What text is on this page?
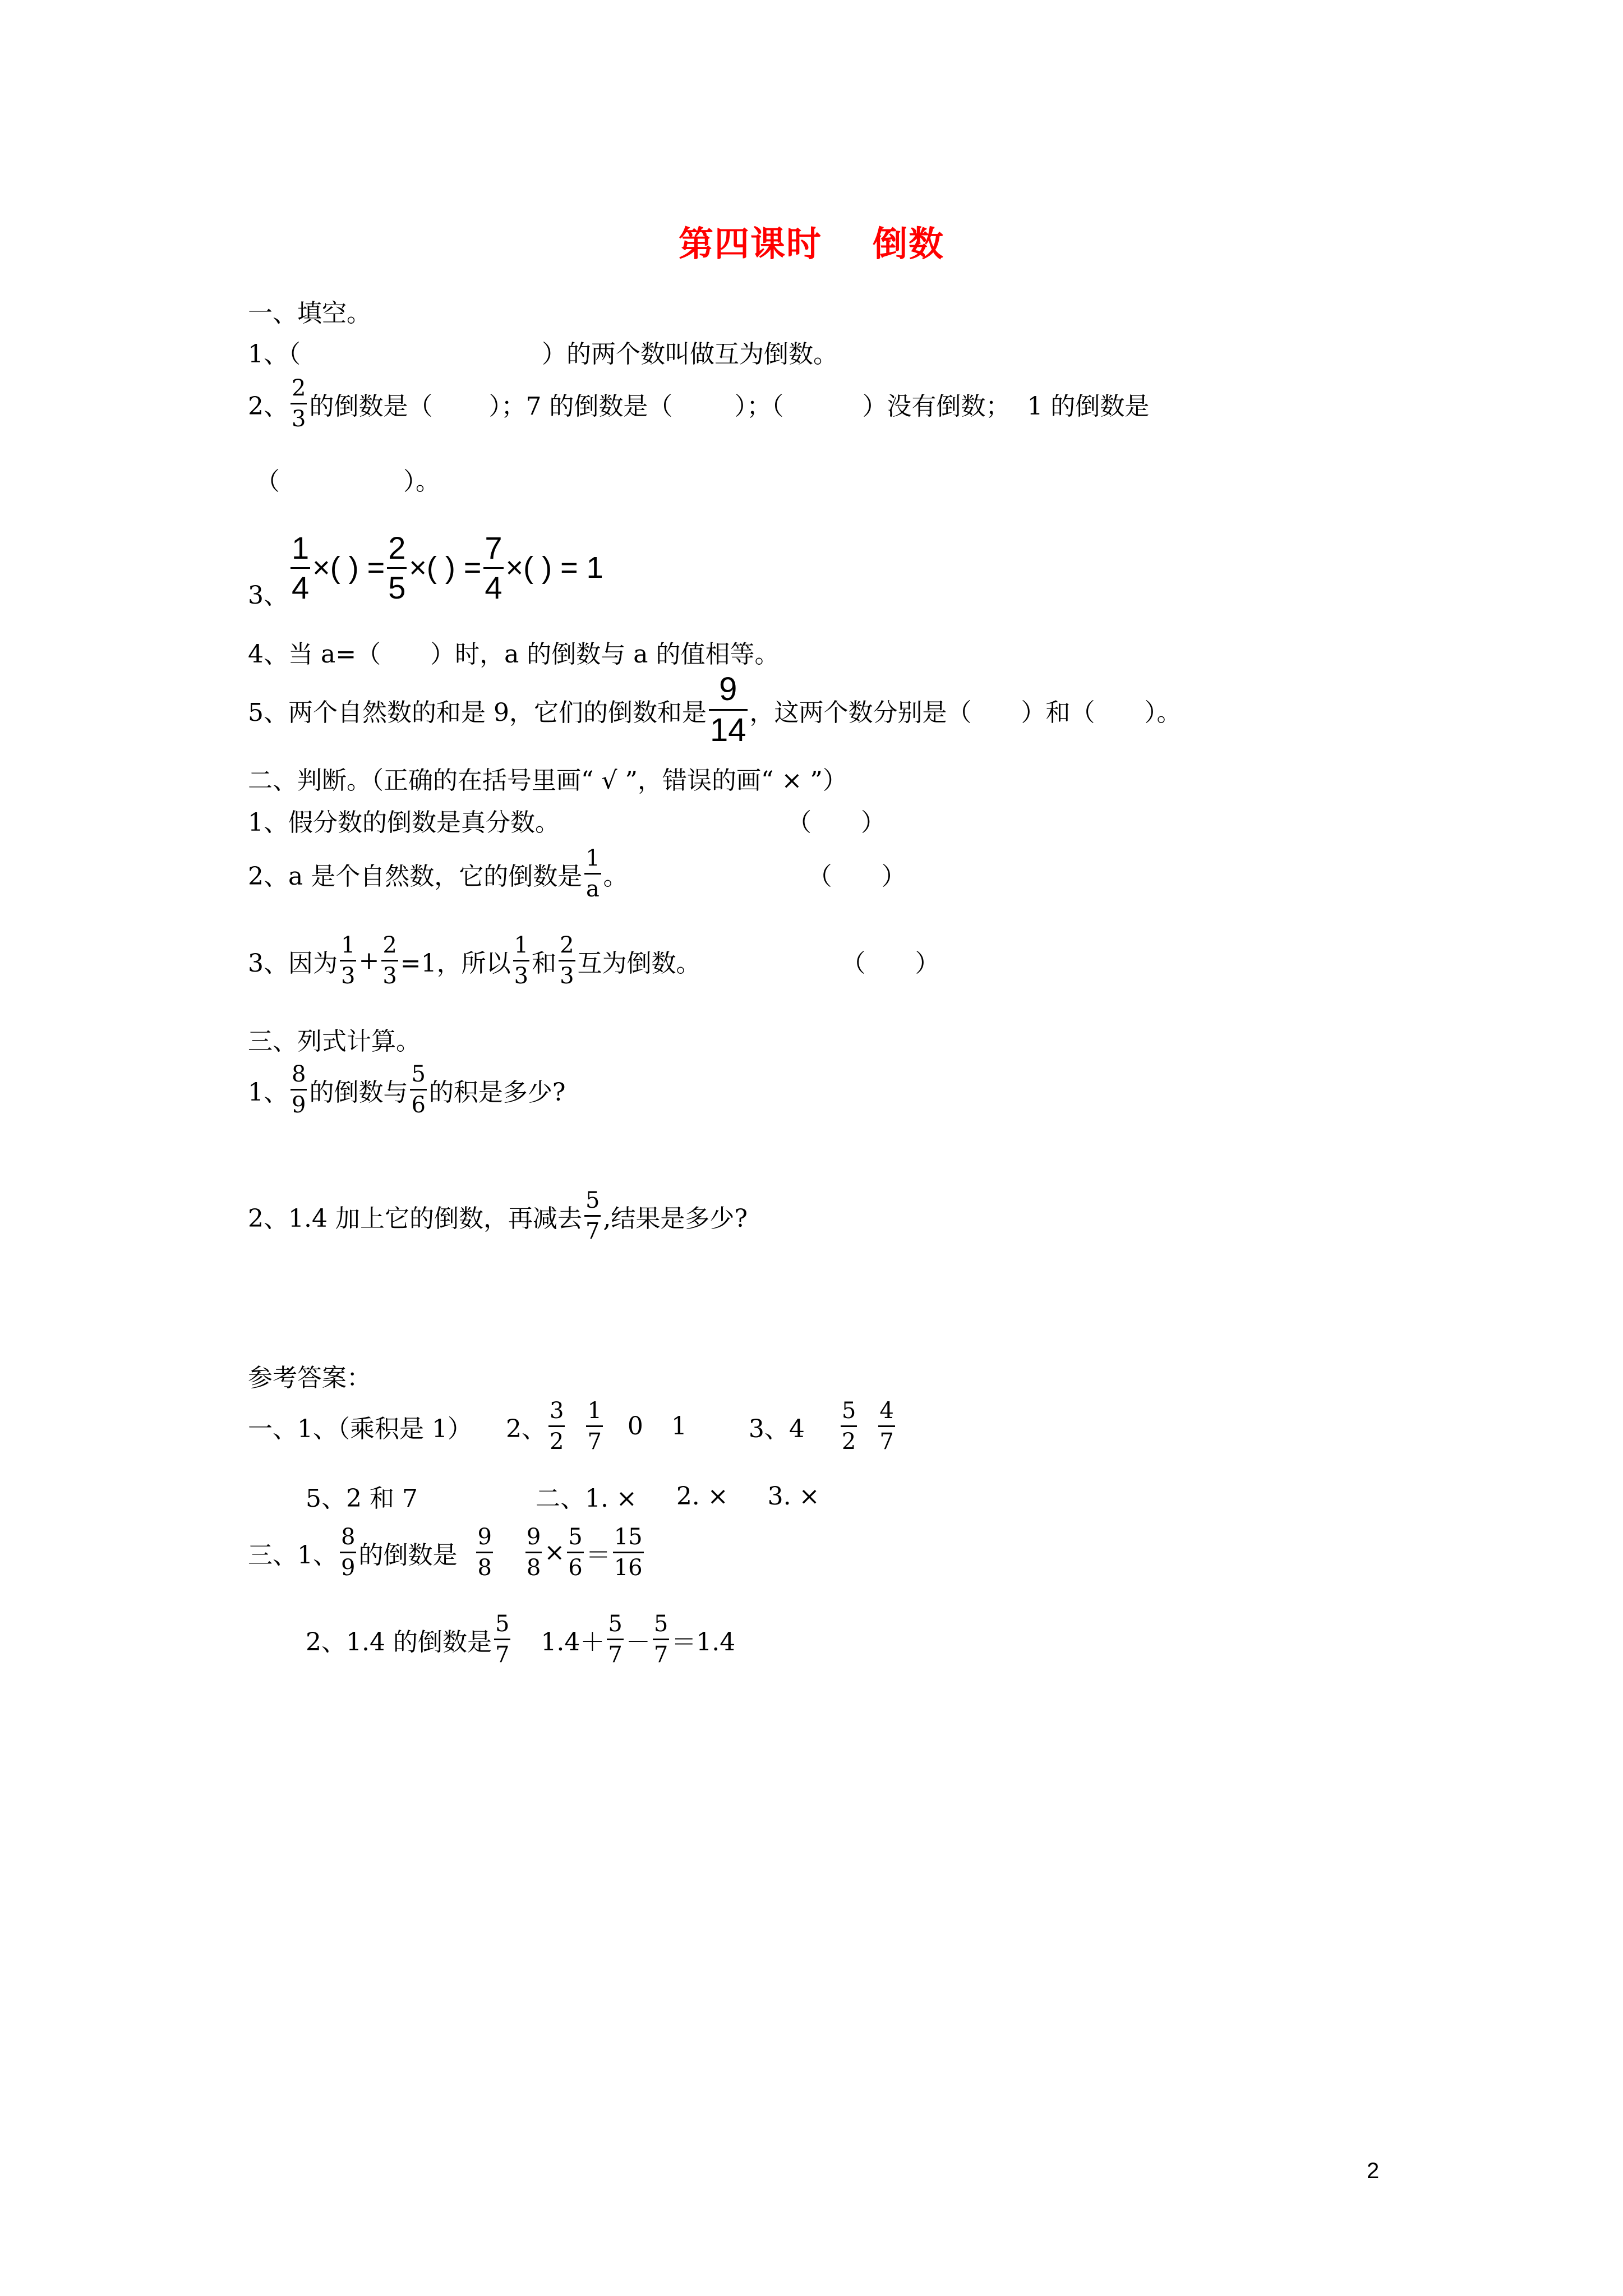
第四课时 倒数
一、填空。
1、（	）的两个数叫做互为倒数。
2、 $\frac{2}{3}$ 的倒数是（ ）；7 的倒数是（	）；（	）没有倒数； 1 的倒数是
（　　　　　）。
3、 $\frac{1}{4}$ ×( ) = $\frac{2}{5}$ ×( ) = $\frac{7}{4}$ ×( ) = 1
4、当 a=（　　）时，a 的倒数与 a 的值相等。
5、两个自然数的和是 9，它们的倒数和是 $\frac{9}{14}$ ，这两个数分别是（　　）和（　　）。
二、判断。（正确的在括号里画“ √ ”，错误的画“ × ”）
1、假分数的倒数是真分数。	（　　）
2、a 是个自然数，它的倒数是 $\frac{1}{a}$ 。	（　　）
3、因为 $\frac{1}{3} + \frac{2}{3} =1$，所以 $\frac{1}{3}$ 和 $\frac{2}{3}$ 互为倒数。	（　　）
三、列式计算。
1、 $\frac{8}{9}$ 的倒数与 $\frac{5}{6}$ 的积是多少?
2、1.4 加上它的倒数，再减去 $\frac{5}{7}$ ,结果是多少?
参考答案：
一、1、（乘积是 1） 2、 $\frac{3}{2} \frac{1}{7} 0$ 1	3、$4 \frac{5}{2} \frac{4}{7}$
5、2 和 7	二、1. × 2. × 3. ×
三、1、 $\frac{8}{9}$ 的倒数是 $\frac{9}{8} \frac{9}{8} \times \frac{5}{6} = \frac{15}{16}$
2、1.4 的倒数是 $\frac{5}{7} 1.4+ \frac{5}{7} - \frac{5}{7} =1.4$
2
